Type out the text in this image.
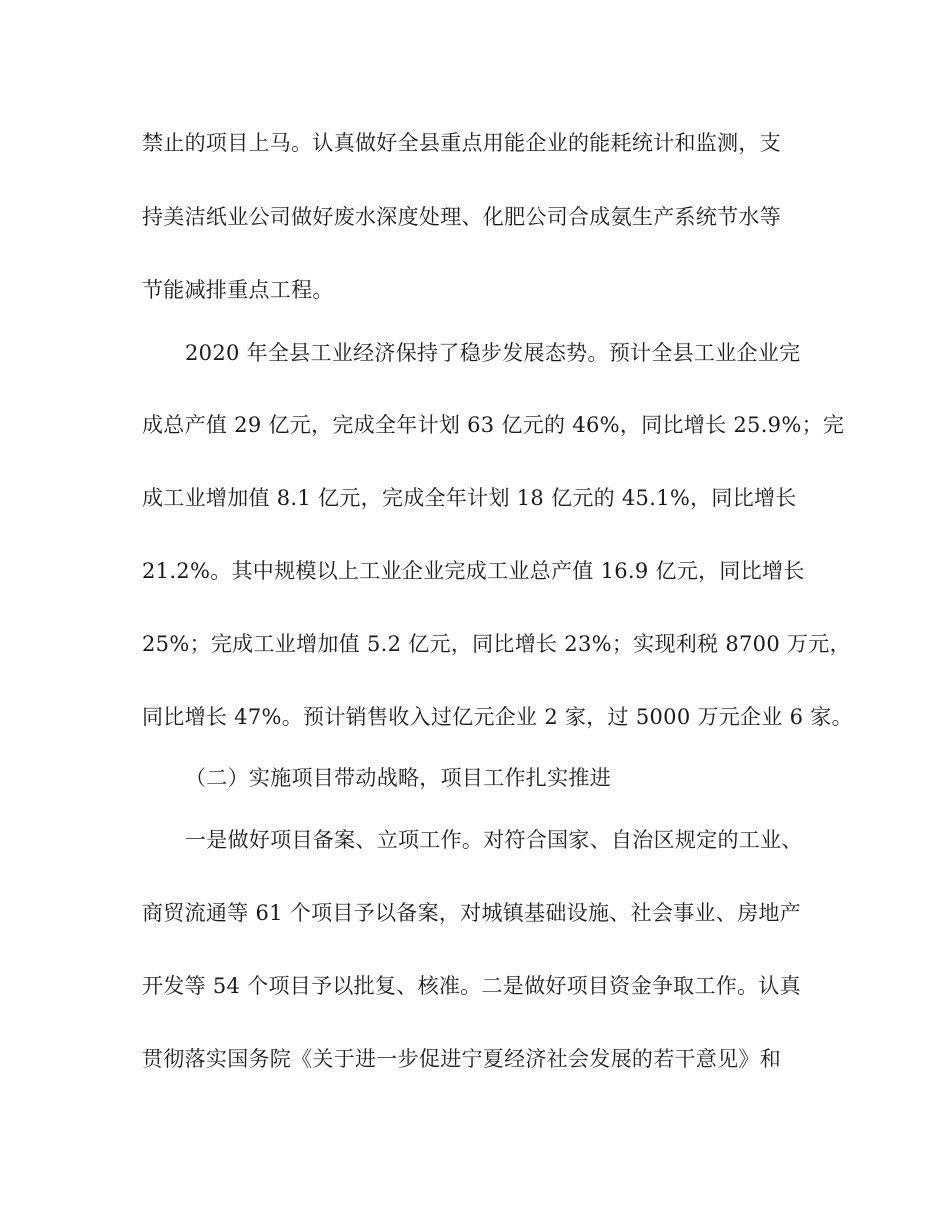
禁止的项目上马。认真做好全县重点用能企业的能耗统计和监测，支
持美洁纸业公司做好废水深度处理、化肥公司合成氨生产系统节水等
节能减排重点工程。
2020 年全县工业经济保持了稳步发展态势。预计全县工业企业完
成总产值 29 亿元，完成全年计划 63 亿元的 46%，同比增长 25.9%；完
成工业增加值 8.1 亿元，完成全年计划 18 亿元的 45.1%，同比增长
21.2%。其中规模以上工业企业完成工业总产值 16.9 亿元，同比增长
25%；完成工业增加值 5.2 亿元，同比增长 23%；实现利税 8700 万元，
同比增长 47%。预计销售收入过亿元企业 2 家，过 5000 万元企业 6 家。
（二）实施项目带动战略，项目工作扎实推进
一是做好项目备案、立项工作。对符合国家、自治区规定的工业、
商贸流通等 61 个项目予以备案，对城镇基础设施、社会事业、房地产
开发等 54 个项目予以批复、核准。二是做好项目资金争取工作。认真
贯彻落实国务院《关于进一步促进宁夏经济社会发展的若干意见》和
